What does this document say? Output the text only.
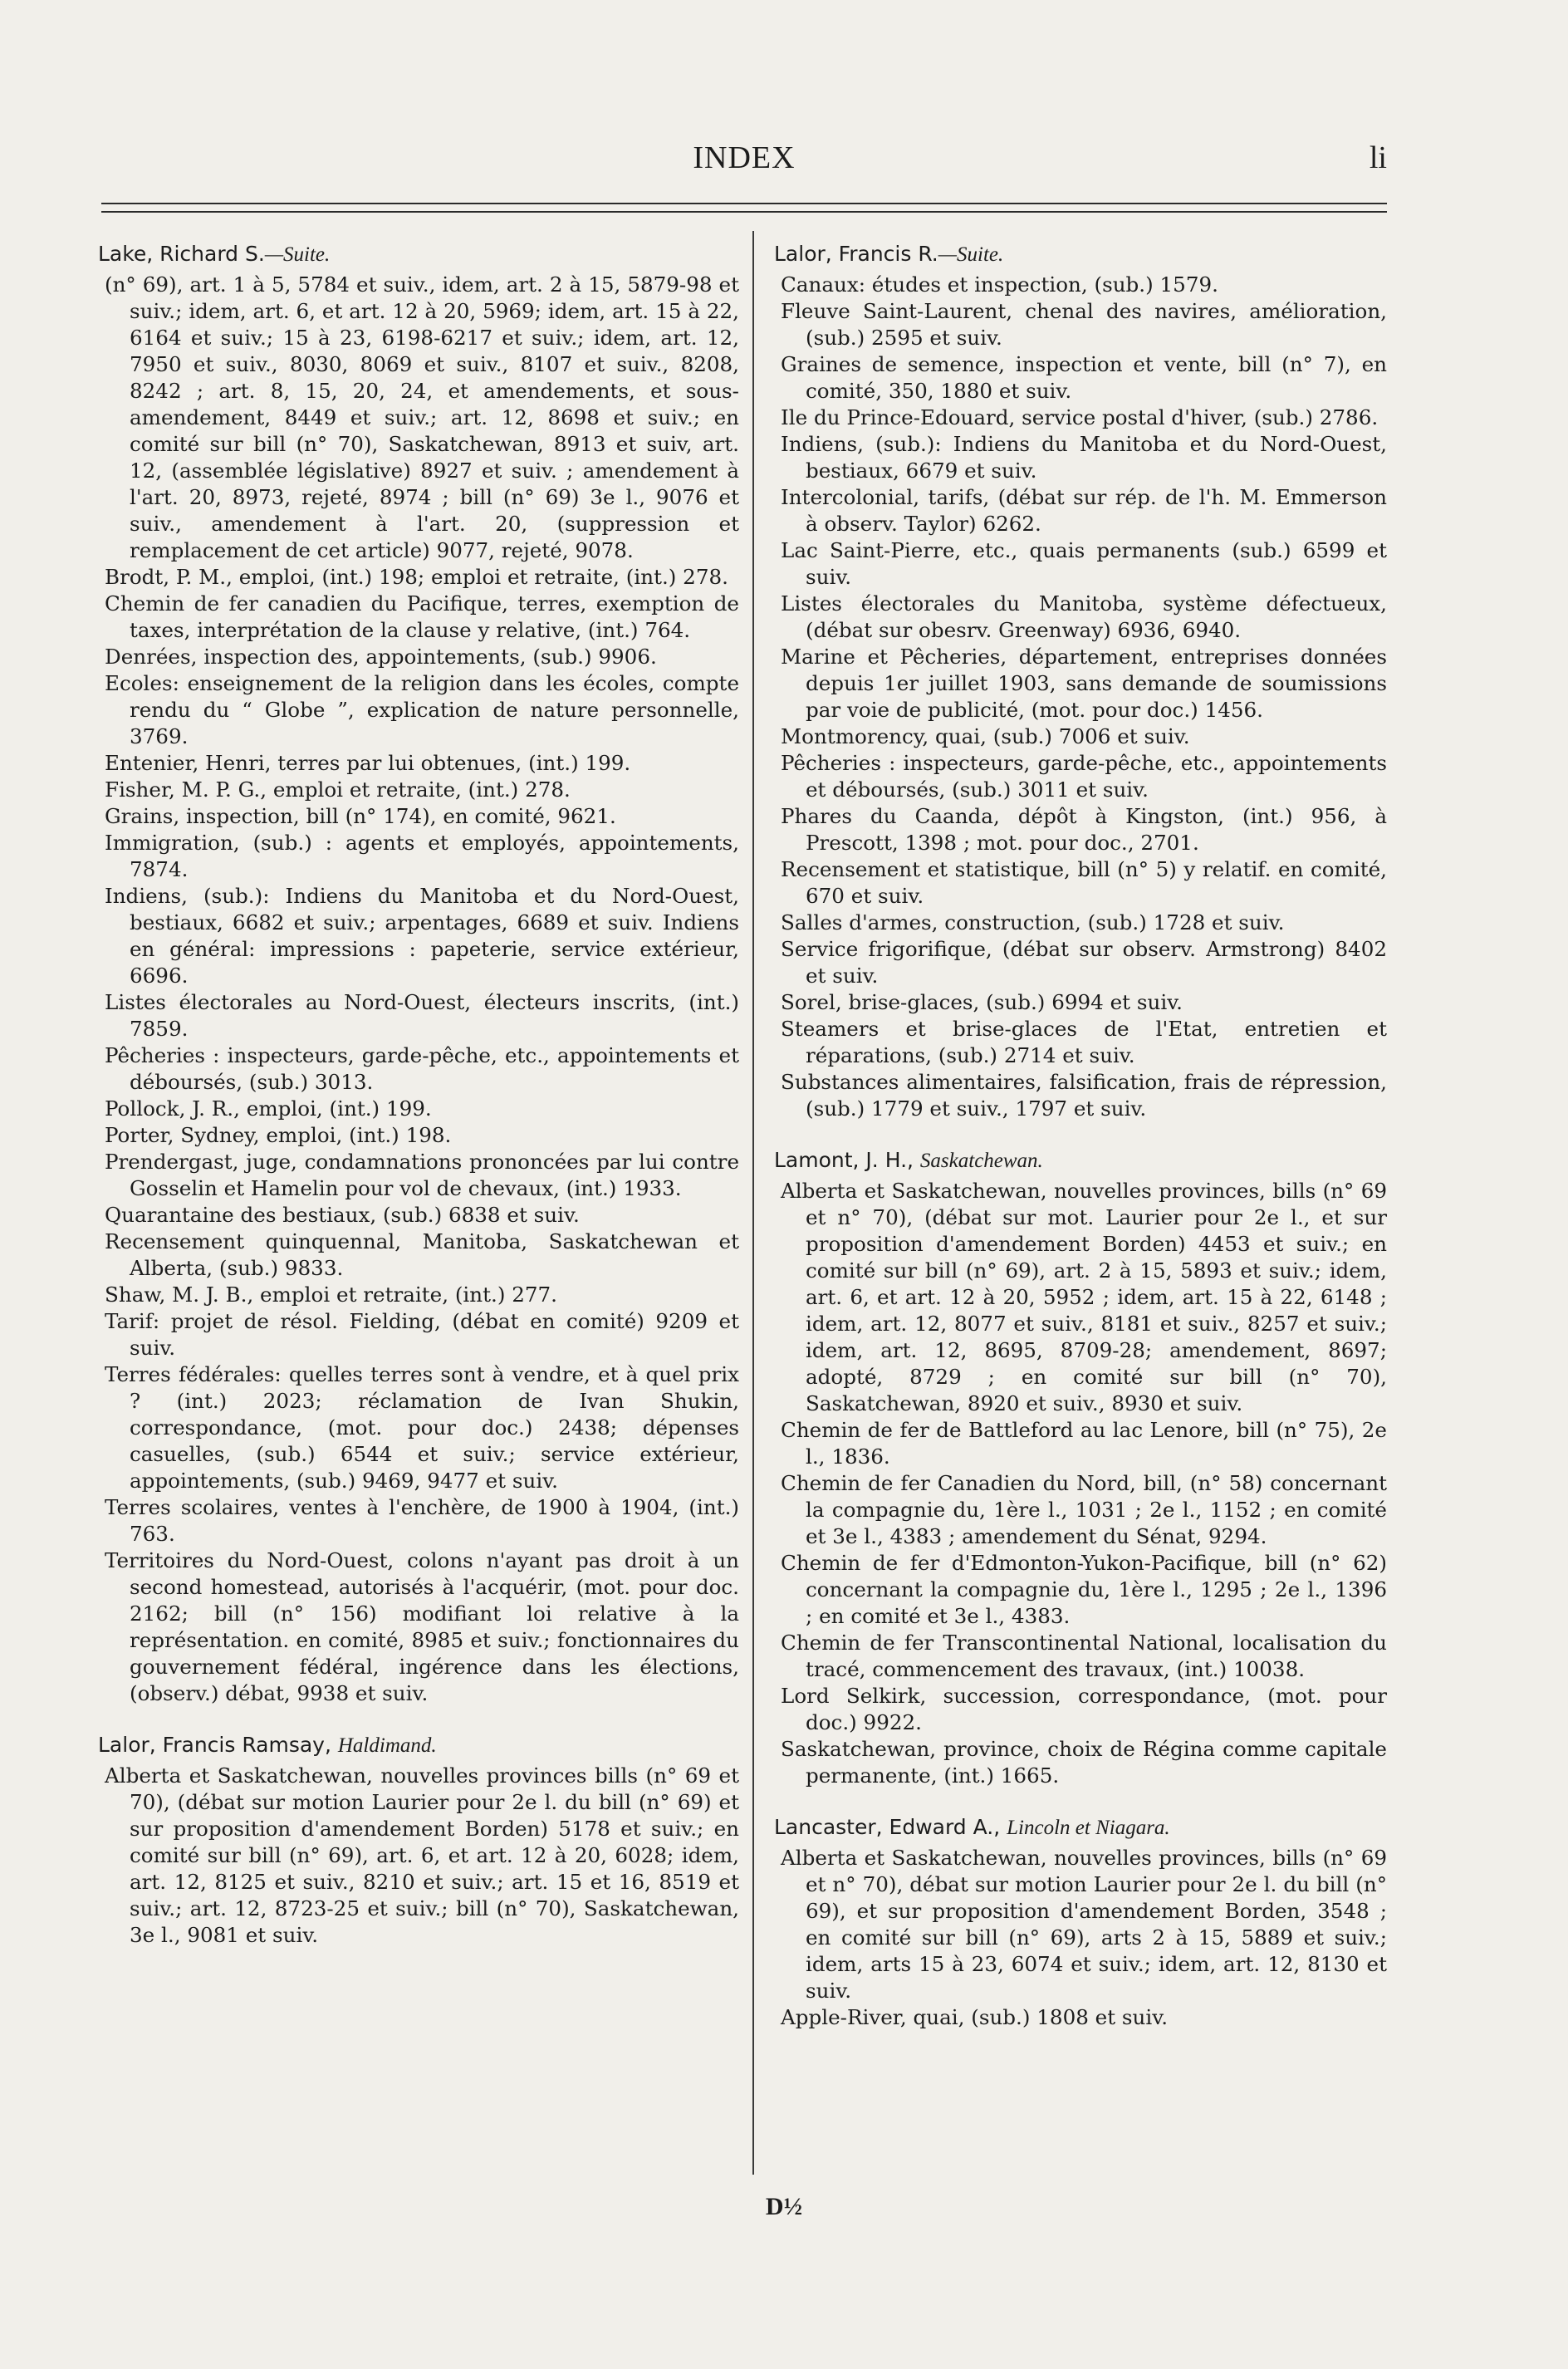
INDEX	li
Lake, Richard S.—Suite.

(n° 69), art. 1 à 5, 5784 et suiv., idem, art. 2 à 15, 5879-98 et suiv.; idem, art. 6, et art. 12 à 20, 5969; idem, art. 15 à 22, 6164 et suiv.; 15 à 23, 6198-6217 et suiv.; idem, art. 12, 7950 et suiv., 8030, 8069 et suiv., 8107 et suiv., 8208, 8242 ; art. 8, 15, 20, 24, et amendements, et sous-amendement, 8449 et suiv.; art. 12, 8698 et suiv.; en comité sur bill (n° 70), Saskatchewan, 8913 et suiv, art. 12, (assemblée législative) 8927 et suiv. ; amendement à l'art. 20, 8973, rejeté, 8974 ; bill (n° 69) 3e l., 9076 et suiv., amendement à l'art. 20, (suppression et remplacement de cet article) 9077, rejeté, 9078.

Brodt, P. M., emploi, (int.) 198; emploi et retraite, (int.) 278.

Chemin de fer canadien du Pacifique, terres, exemption de taxes, interprétation de la clause y relative, (int.) 764.

Denrées, inspection des, appointements, (sub.) 9906.

Ecoles: enseignement de la religion dans les écoles, compte rendu du “ Globe ”, explication de nature personnelle, 3769.

Entenier, Henri, terres par lui obtenues, (int.) 199.

Fisher, M. P. G., emploi et retraite, (int.) 278.

Grains, inspection, bill (n° 174), en comité, 9621.

Immigration, (sub.) : agents et employés, appointements, 7874.

Indiens, (sub.): Indiens du Manitoba et du Nord-Ouest, bestiaux, 6682 et suiv.; arpentages, 6689 et suiv. Indiens en général: impressions : papeterie, service extérieur, 6696.

Listes électorales au Nord-Ouest, électeurs inscrits, (int.) 7859.

Pêcheries : inspecteurs, garde-pêche, etc., appointements et déboursés, (sub.) 3013.

Pollock, J. R., emploi, (int.) 199.

Porter, Sydney, emploi, (int.) 198.

Prendergast, juge, condamnations prononcées par lui contre Gosselin et Hamelin pour vol de chevaux, (int.) 1933.

Quarantaine des bestiaux, (sub.) 6838 et suiv.

Recensement quinquennal, Manitoba, Saskatchewan et Alberta, (sub.) 9833.

Shaw, M. J. B., emploi et retraite, (int.) 277.

Tarif: projet de résol. Fielding, (débat en comité) 9209 et suiv.

Terres fédérales: quelles terres sont à vendre, et à quel prix ? (int.) 2023; réclamation de Ivan Shukin, correspondance, (mot. pour doc.) 2438; dépenses casuelles, (sub.) 6544 et suiv.; service extérieur, appointements, (sub.) 9469, 9477 et suiv.

Terres scolaires, ventes à l'enchère, de 1900 à 1904, (int.) 763.

Territoires du Nord-Ouest, colons n'ayant pas droit à un second homestead, autorisés à l'acquérir, (mot. pour doc. 2162; bill (n° 156) modifiant loi relative à la représentation. en comité, 8985 et suiv.; fonctionnaires du gouvernement fédéral, ingérence dans les élections, (observ.) débat, 9938 et suiv.

Lalor, Francis Ramsay, Haldimand.

Alberta et Saskatchewan, nouvelles provinces bills (n° 69 et 70), (débat sur motion Laurier pour 2e l. du bill (n° 69) et sur proposition d'amendement Borden) 5178 et suiv.; en comité sur bill (n° 69), art. 6, et art. 12 à 20, 6028; idem, art. 12, 8125 et suiv., 8210 et suiv.; art. 15 et 16, 8519 et suiv.; art. 12, 8723-25 et suiv.; bill (n° 70), Saskatchewan, 3e l., 9081 et suiv.

Lalor, Francis R.—Suite.

Canaux: études et inspection, (sub.) 1579.

Fleuve Saint-Laurent, chenal des navires, amélioration, (sub.) 2595 et suiv.

Graines de semence, inspection et vente, bill (n° 7), en comité, 350, 1880 et suiv.

Ile du Prince-Edouard, service postal d'hiver, (sub.) 2786.

Indiens, (sub.): Indiens du Manitoba et du Nord-Ouest, bestiaux, 6679 et suiv.

Intercolonial, tarifs, (débat sur rép. de l'h. M. Emmerson à observ. Taylor) 6262.

Lac Saint-Pierre, etc., quais permanents (sub.) 6599 et suiv.

Listes électorales du Manitoba, système défectueux, (débat sur obesrv. Greenway) 6936, 6940.

Marine et Pêcheries, département, entreprises données depuis 1er juillet 1903, sans demande de soumissions par voie de publicité, (mot. pour doc.) 1456.

Montmorency, quai, (sub.) 7006 et suiv.

Pêcheries : inspecteurs, garde-pêche, etc., appointements et déboursés, (sub.) 3011 et suiv.

Phares du Caanda, dépôt à Kingston, (int.) 956, à Prescott, 1398 ; mot. pour doc., 2701.

Recensement et statistique, bill (n° 5) y relatif. en comité, 670 et suiv.

Salles d'armes, construction, (sub.) 1728 et suiv.

Service frigorifique, (débat sur observ. Armstrong) 8402 et suiv.

Sorel, brise-glaces, (sub.) 6994 et suiv.

Steamers et brise-glaces de l'Etat, entretien et réparations, (sub.) 2714 et suiv.

Substances alimentaires, falsification, frais de répression, (sub.) 1779 et suiv., 1797 et suiv.

Lamont, J. H., Saskatchewan.

Alberta et Saskatchewan, nouvelles provinces, bills (n° 69 et n° 70), (débat sur mot. Laurier pour 2e l., et sur proposition d'amendement Borden) 4453 et suiv.; en comité sur bill (n° 69), art. 2 à 15, 5893 et suiv.; idem, art. 6, et art. 12 à 20, 5952 ; idem, art. 15 à 22, 6148 ; idem, art. 12, 8077 et suiv., 8181 et suiv., 8257 et suiv.; idem, art. 12, 8695, 8709-28; amendement, 8697; adopté, 8729 ; en comité sur bill (n° 70), Saskatchewan, 8920 et suiv., 8930 et suiv.

Chemin de fer de Battleford au lac Lenore, bill (n° 75), 2e l., 1836.

Chemin de fer Canadien du Nord, bill, (n° 58) concernant la compagnie du, 1ère l., 1031 ; 2e l., 1152 ; en comité et 3e l., 4383 ; amendement du Sénat, 9294.

Chemin de fer d'Edmonton-Yukon-Pacifique, bill (n° 62) concernant la compagnie du, 1ère l., 1295 ; 2e l., 1396 ; en comité et 3e l., 4383.

Chemin de fer Transcontinental National, localisation du tracé, commencement des travaux, (int.) 10038.

Lord Selkirk, succession, correspondance, (mot. pour doc.) 9922.

Saskatchewan, province, choix de Régina comme capitale permanente, (int.) 1665.

Lancaster, Edward A., Lincoln et Niagara.

Alberta et Saskatchewan, nouvelles provinces, bills (n° 69 et n° 70), débat sur motion Laurier pour 2e l. du bill (n° 69), et sur proposition d'amendement Borden, 3548 ; en comité sur bill (n° 69), arts 2 à 15, 5889 et suiv.; idem, arts 15 à 23, 6074 et suiv.; idem, art. 12, 8130 et suiv.

Apple-River, quai, (sub.) 1808 et suiv.

D½
